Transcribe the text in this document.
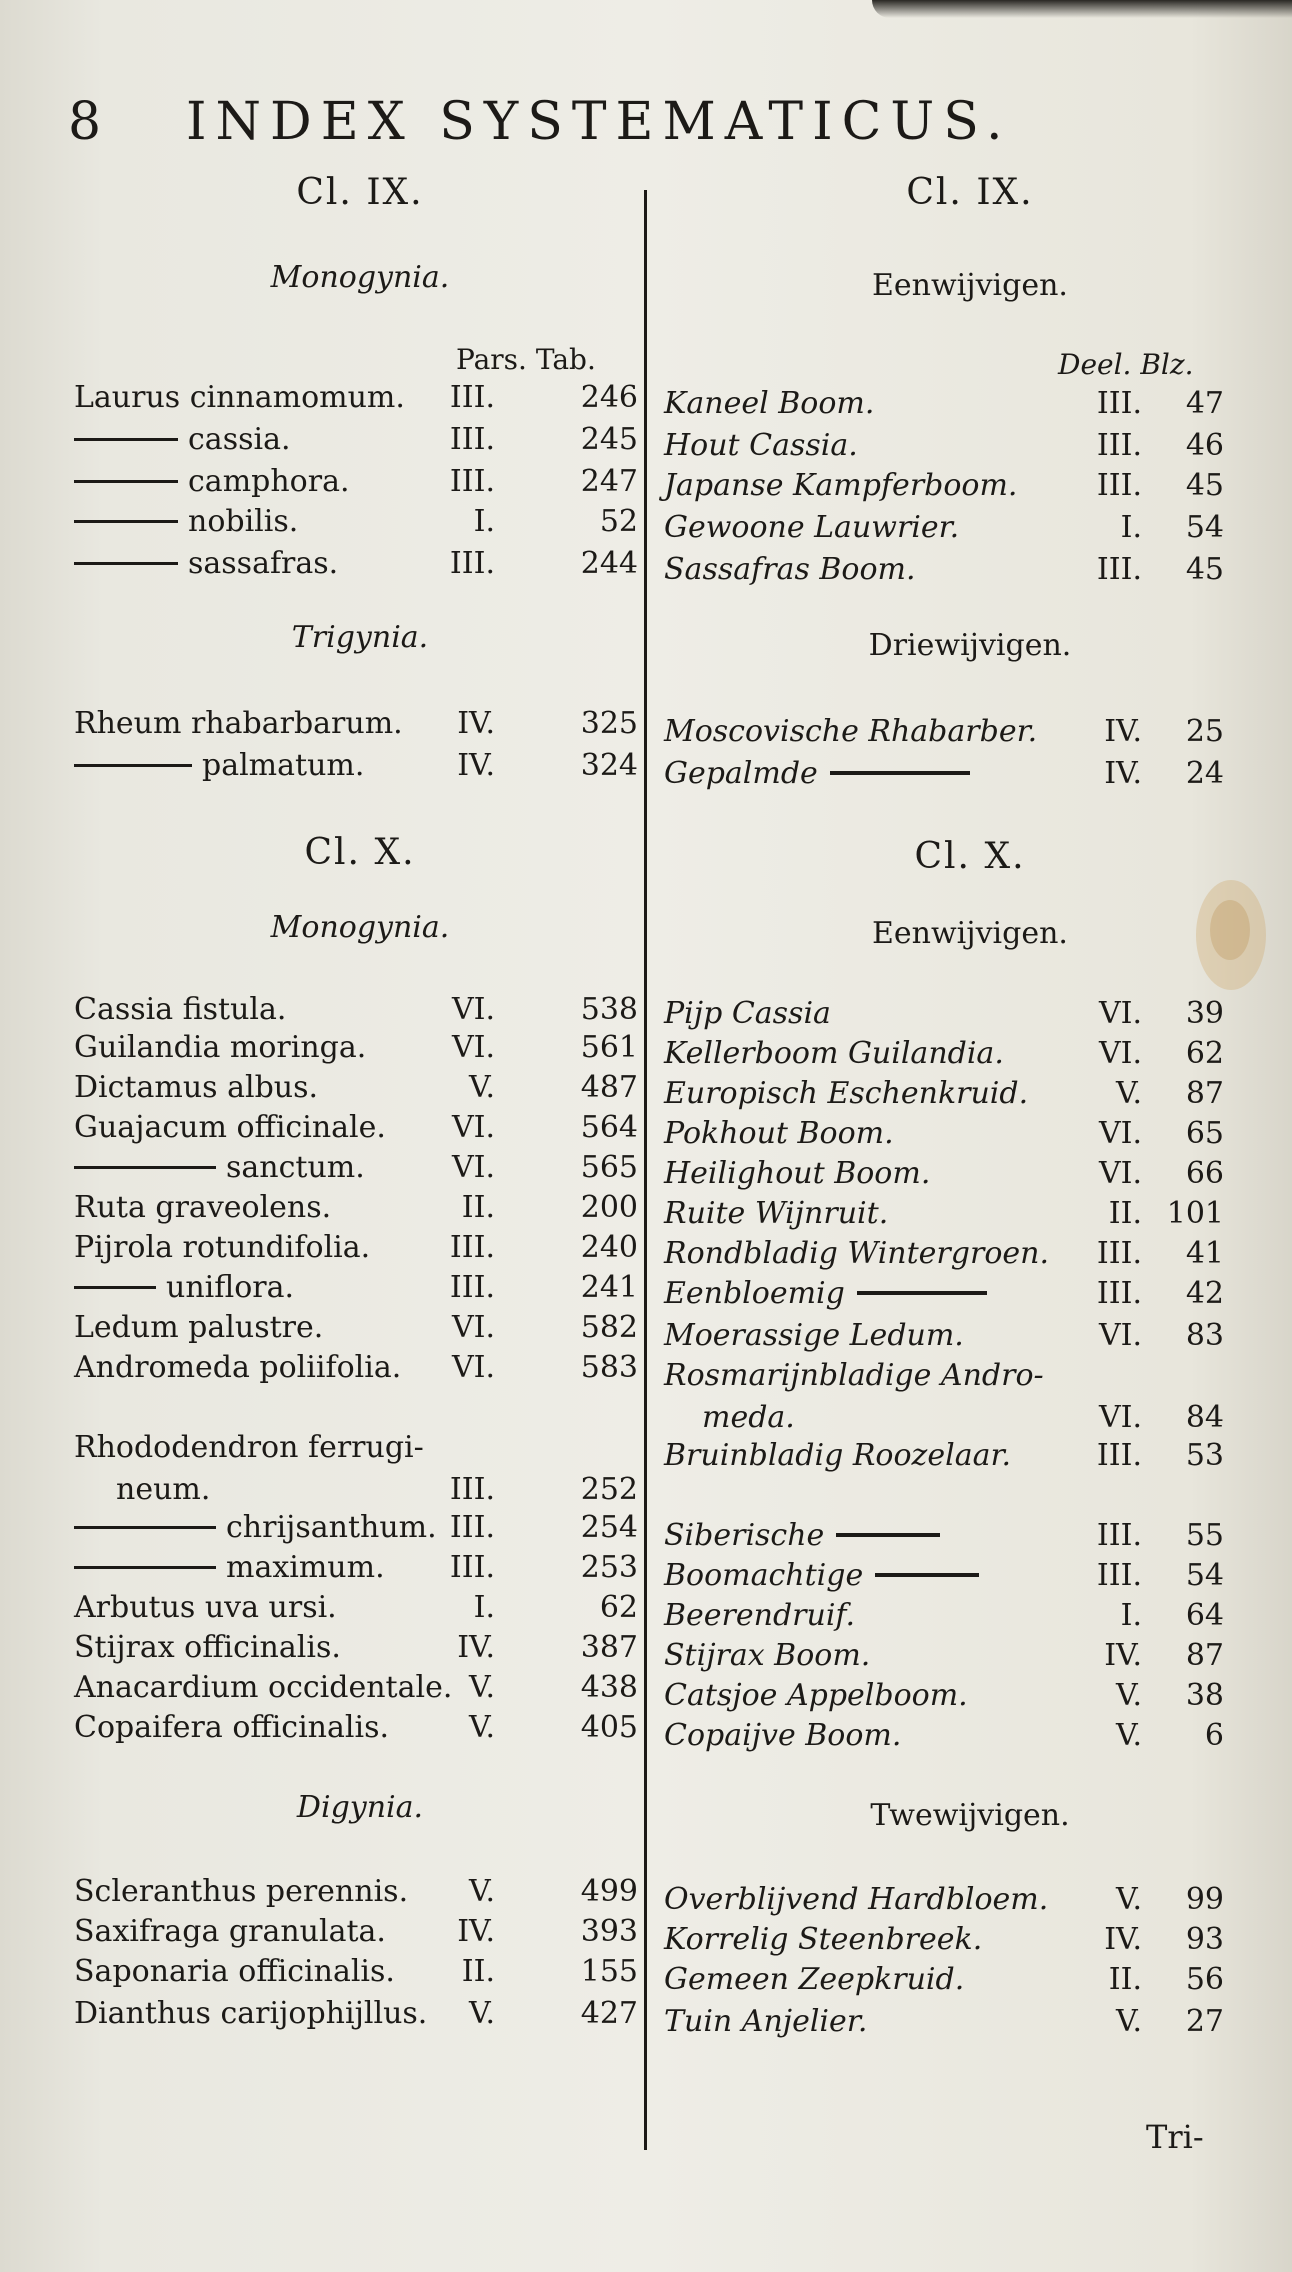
8 INDEX SYSTEMATICUS.
Cl. IX.
Monogynia.
Pars. Tab.
Laurus cinnamomum. III.	246
cassia.	III.	245
camphora.	III.	247
nobilis.	I.	52
sassafras.	III.	244
Trigynia.
Rheum rhabarbarum. IV.	325
palmatum.	IV.	324
Cl. X.
Monogynia.
Cassia fistula.	VI.	538
Guilandia moringa.	VI.	561
Dictamus albus.	V.	487
Guajacum officinale. VI.	564
sanctum.	VI.	565
Ruta graveolens.	II.	200
Pijrola rotundifolia.	III.	240
uniflora.	III.	241
Ledum palustre.	VI.	582
Andromeda poliifolia. VI.	583
Rhododendron ferrugi-
neum.	III.	252
chrijsanthum. III.	254
maximum. III.	253
Arbutus uva ursi.	I.	62
Stijrax officinalis.	IV.	387
Anacardium occidentale. V.	438
Copaifera officinalis.	V.	405
Digynia.
Scleranthus perennis. V.	499
Saxifraga granulata. IV.	393
Saponaria officinalis. II.	155
Dianthus carijophijllus. V.	427
Cl. IX.
Eenwijvigen.
Deel. Blz.
Kaneel Boom.	III. 47
Hout Cassia.	III. 46
Japanse Kampferboom.	III. 45
Gewoone Lauwrier.	I. 54
Sassafras Boom.	III. 45
Driewijvigen.
Moscovische Rhabarber. IV. 25
Gepalmde	IV. 24
Cl. X.
Eenwijvigen.
Pijp Cassia	VI. 39
Kellerboom Guilandia.	VI. 62
Europisch Eschenkruid.	V. 87
Pokhout Boom.	VI. 65
Heilighout Boom.	VI. 66
Ruite Wijnruit.	II. 101
Rondbladig Wintergroen. III. 41
Eenbloemig	III. 42
Moerassige Ledum.	VI. 83
Rosmarijnbladige Andro-
meda.	VI. 84
Bruinbladig Roozelaar.	III. 53
Siberische	III. 55
Boomachtige	III. 54
Beerendruif.	I. 64
Stijrax Boom.	IV. 87
Catsjoe Appelboom.	V. 38
Copaijve Boom.	V. 6
Twewijvigen.
Overblijvend Hardbloem. V. 99
Korrelig Steenbreek.	IV. 93
Gemeen Zeepkruid.	II. 56
Tuin Anjelier.	V. 27
Tri-
